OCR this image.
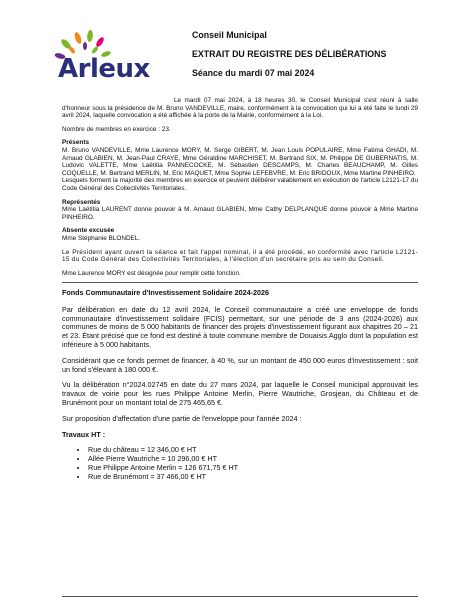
Arleux
Conseil Municipal
EXTRAIT DU REGISTRE DES DÉLIBÉRATIONS
Séance du mardi 07 mai 2024

Le mardi 07 mai 2024, à 18 heures 30, le Conseil Municipal s'est réuni à salle d'honneur sous la présidence de M. Bruno VANDEVILLE, maire, conformément à la convocation qui lui a été faite le lundi 29 avril 2024, laquelle convocation a été affichée à la porte de la Mairie, conformément à la Loi.

Nombre de membres en exercice : 23.

Présents
M. Bruno VANDEVILLE, Mme Laurence MORY, M. Serge GIBERT, M. Jean Louis POPULAIRE, Mme Fatima GHADI, M. Arnaud GLABIEN, M. Jean-Paul CRAYE, Mme Géraldine MARCHISET, M. Bertrand SIX, M. Philippe DE GUBERNATIS, M. Ludovic VALETTE, Mme Laëtitia PANNECOCKE, M. Sébastien DESCAMPS, M. Charles BEAUCHAMP, M. Gilles COQUELLE, M. Bertrand MERLIN, M. Eric MAQUET, Mme Sophie LEFEBVRE, M. Eric BRIDOUX, Mme Martine PINHEIRO.

Lesquels forment la majorité des membres en exercice et peuvent délibérer valablement en exécution de l'article L2121-17 du Code Général des Collectivités Territoriales.

Représentés

Mme Laëtitia LAURENT donne pouvoir à M. Arnaud GLABIEN, Mme Cathy DELPLANQUE donne pouvoir à Mme Martine PINHEIRO.

Absente excusée

Mme Stéphanie BLONDEL.

Le Président ayant ouvert la séance et fait l'appel nominal, il a été procédé, en conformité avec l'article L2121-15 du Code Général des Collectivités Territoriales, à l'élection d'un secrétaire pris au sein du Conseil.

Mme Laurence MORY est désignée pour remplir cette fonction.
Fonds Communautaire d'Investissement Solidaire 2024-2026

Par délibération en date du 12 avril 2024, le Conseil communautaire a créé une enveloppe de fonds communautaire d'investissement solidaire (FCIS) permettant, sur une période de 3 ans (2024-2026) aux communes de moins de 5 000 habitants de financer des projets d'investissement figurant aux chapitres 20 – 21 et 23. Étant précisé que ce fond est destiné à toute commune membre de Douaisis Agglo dont la population est inférieure à 5 000 habitants.

Considérant que ce fonds permet de financer, à 40 %, sur un montant de 450 000 euros d'investissement : soit un fond s'élevant à 180 000 €.

Vu la délibération n°2024.02745 en date du 27 mars 2024, par laquelle le Conseil municipal approuvait les travaux de voirie pour les rues Philippe Antoine Merlin, Pierre Wautriche, Grosjean, du Château et de Brunémont pour un montant total de 275 465,65 €.

Sur proposition d'affectation d'une partie de l'enveloppe pour l'année 2024 :

Travaux HT :
• Rue du château = 12 346,00 € HT
• Allée Pierre Wautriche = 10 296,00 € HT
• Rue Philippe Antoine Merlin = 126 671,75 € HT
• Rue de Brunémont = 37 466,00 € HT
